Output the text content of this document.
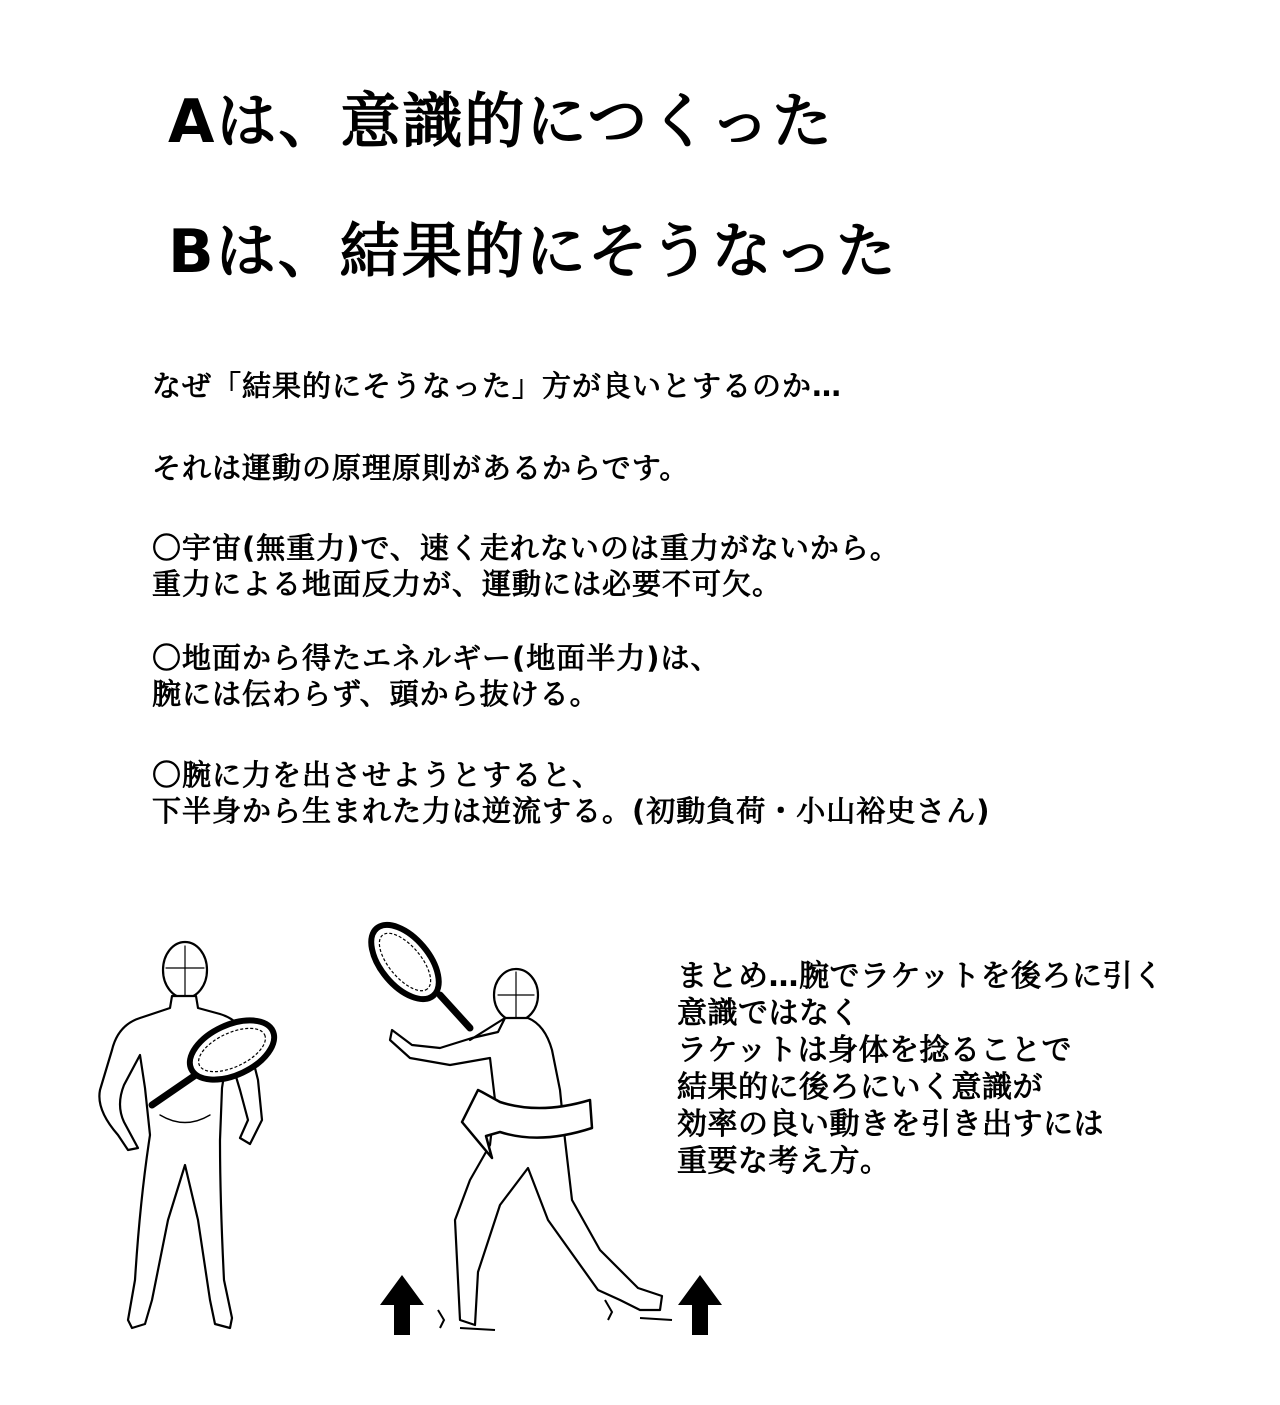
Aは、意識的につくった
Bは、結果的にそうなった
なぜ「結果的にそうなった」方が良いとするのか…
それは運動の原理原則があるからです。
〇宇宙(無重力)で、速く走れないのは重力がないから。
重力による地面反力が、運動には必要不可欠。
〇地面から得たエネルギー(地面半力)は、
腕には伝わらず、頭から抜ける。
〇腕に力を出させようとすると、
下半身から生まれた力は逆流する。(初動負荷・小山裕史さん)
まとめ…腕でラケットを後ろに引く
意識ではなく
ラケットは身体を捻ることで
結果的に後ろにいく意識が
効率の良い動きを引き出すには
重要な考え方。
